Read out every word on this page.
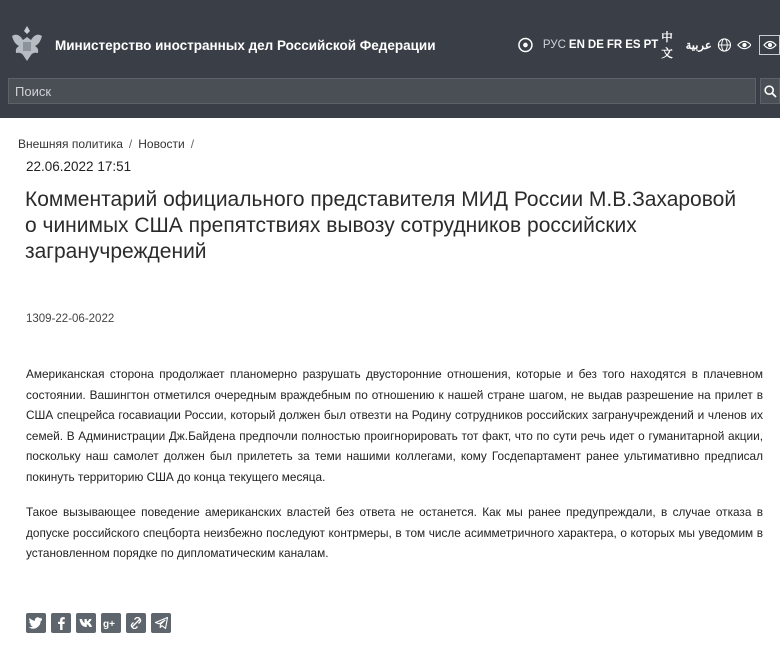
Министерство иностранных дел Российской Федерации	РУС EN DE FR ES PT
中文
عربية
Поиск
Внешняя политика / Новости /
22.06.2022 17:51
Комментарий официального представителя МИД России М.В.Захаровой о чинимых США препятствиях вывозу сотрудников российских загранучреждений
1309-22-06-2022

Американская сторона продолжает планомерно разрушать двусторонние отношения, которые и без того находятся в плачевном состоянии. Вашингтон отметился очередным враждебным по отношению к нашей стране шагом, не выдав разрешение на прилет в США спецрейса госавиации России, который должен был отвезти на Родину сотрудников российских загранучреждений и членов их семей. В Администрации Дж.Байдена предпочли полностью проигнорировать тот факт, что по сути речь идет о гуманитарной акции, поскольку наш самолет должен был прилететь за теми нашими коллегами, кому Госдепартамент ранее ультимативно предписал покинуть территорию США до конца текущего месяца.

Такое вызывающее поведение американских властей без ответа не останется. Как мы ранее предупреждали, в случае отказа в допуске российского спецборта неизбежно последуют контрмеры, в том числе асимметричного характера, о которых мы уведомим в установленном порядке по дипломатическим каналам.

g+
